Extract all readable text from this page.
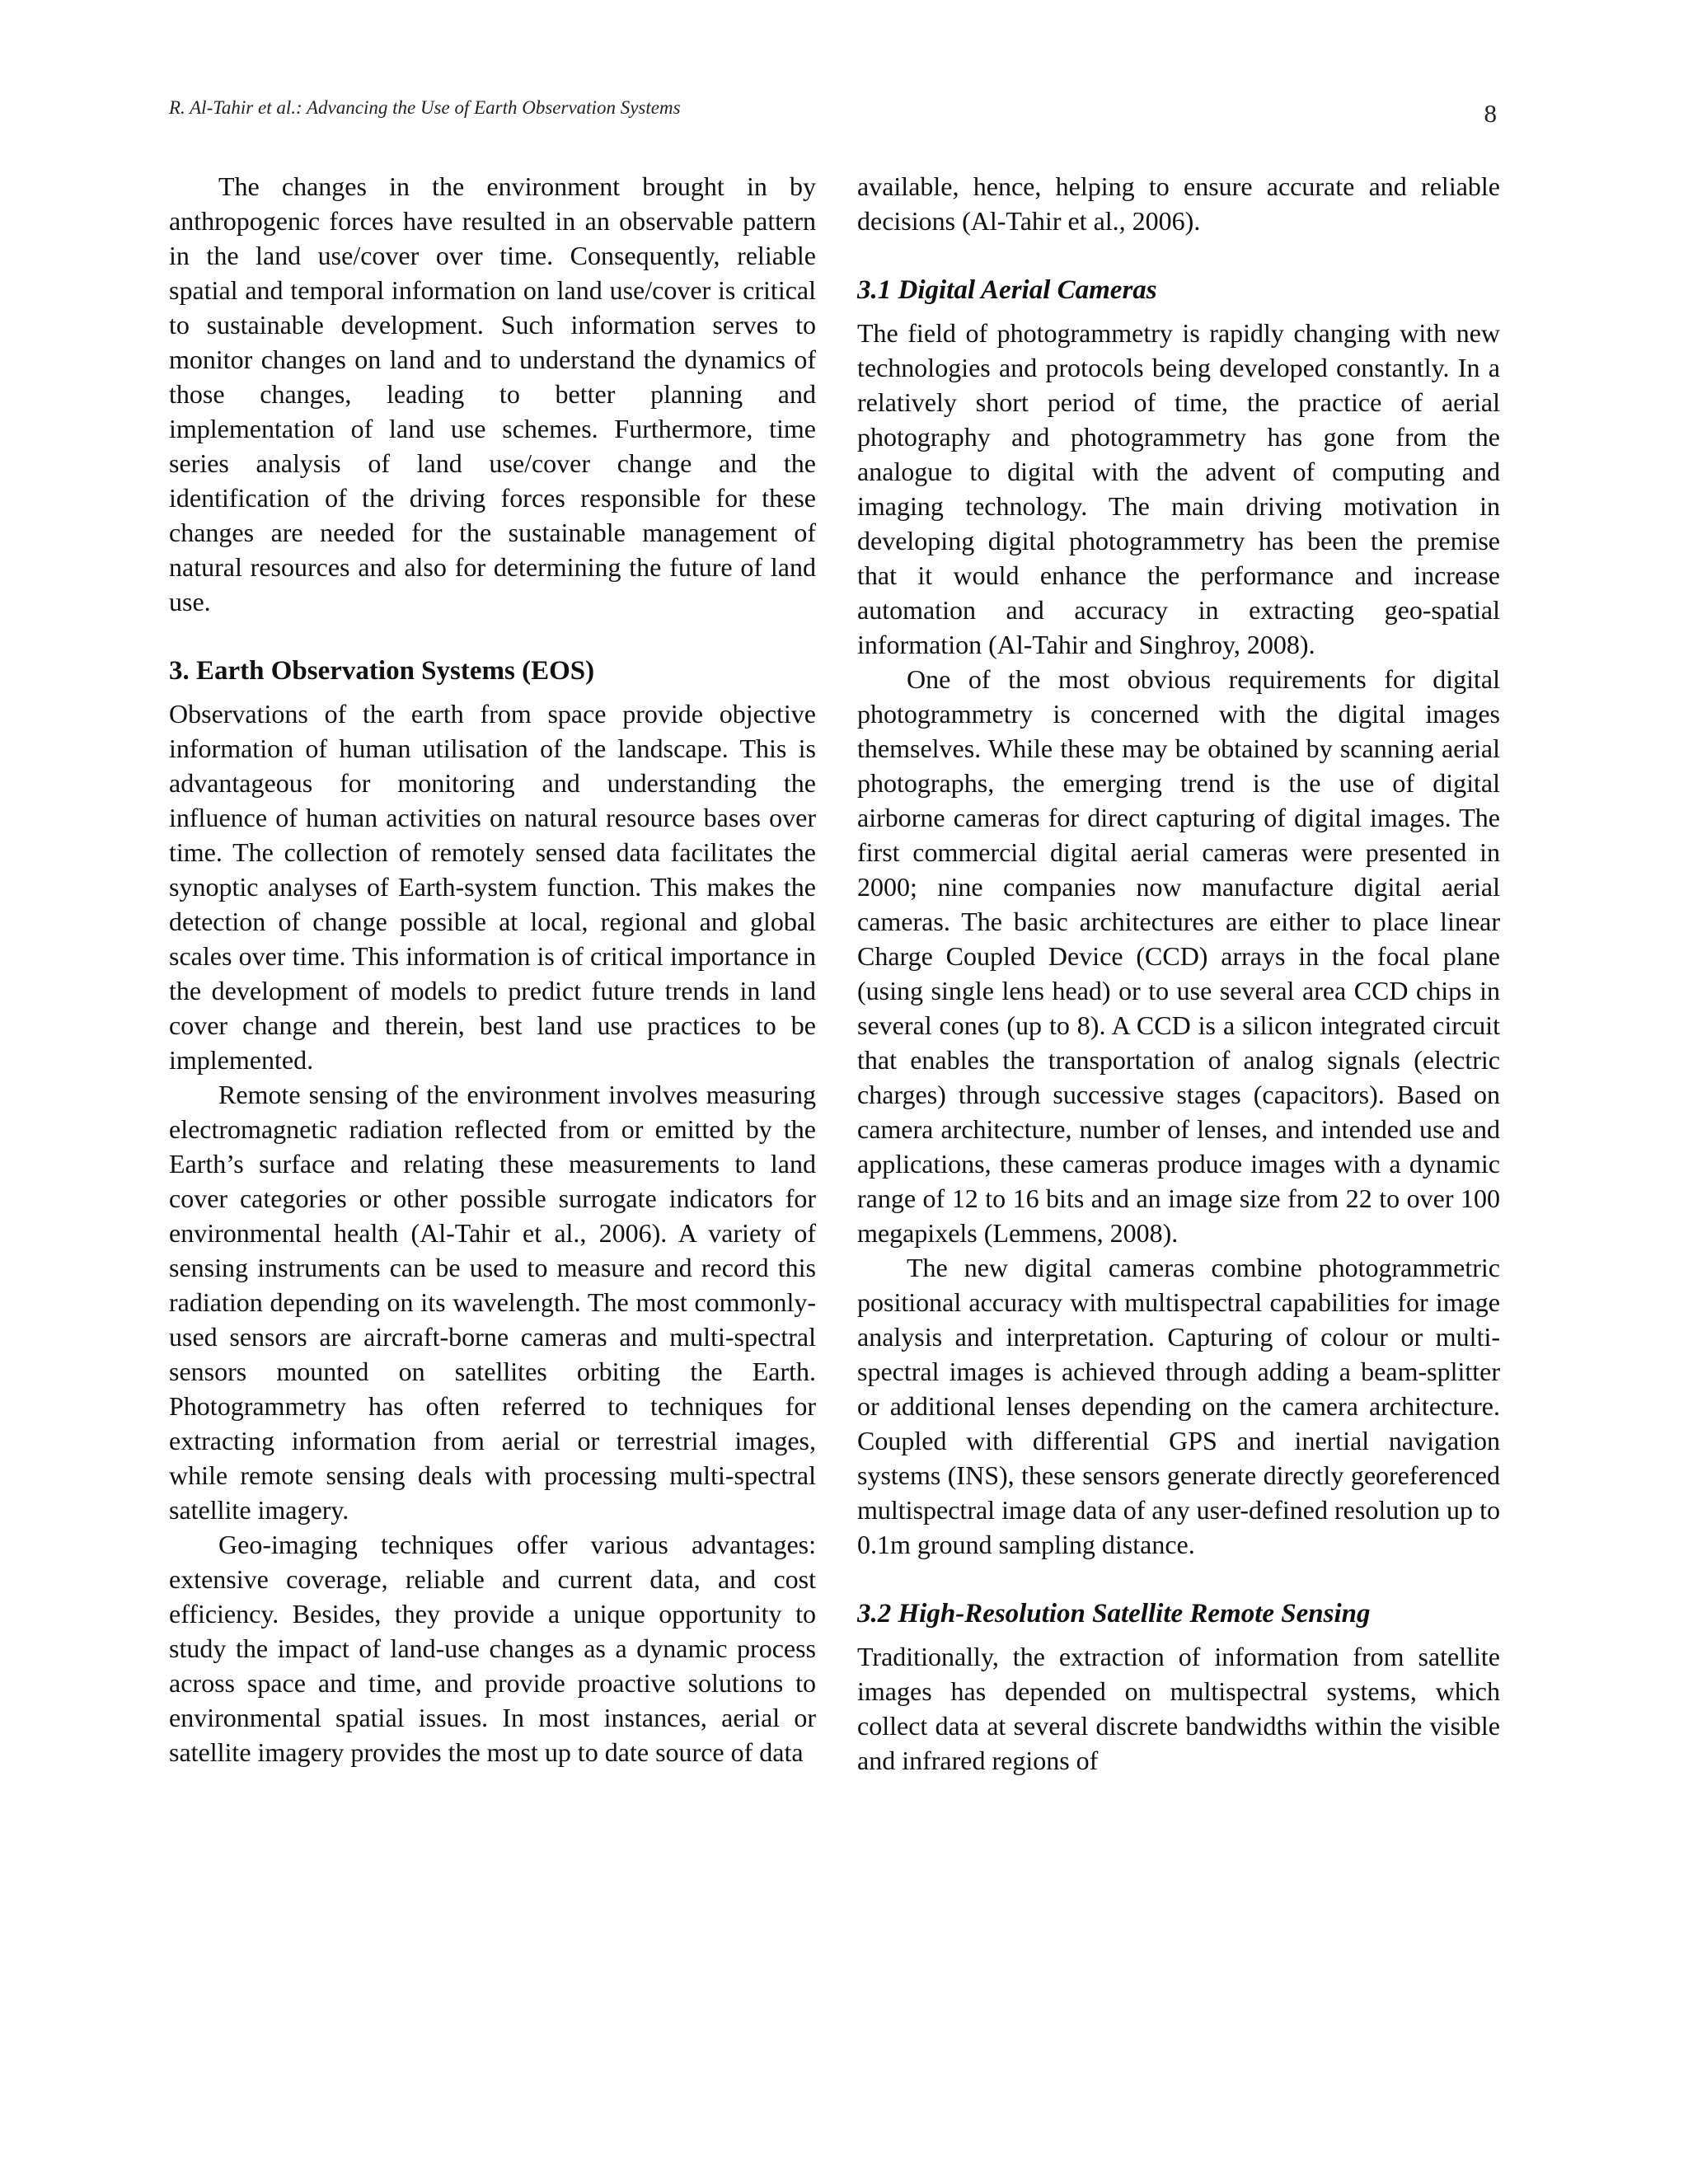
R. Al-Tahir et al.: Advancing the Use of Earth Observation Systems	8

The changes in the environment brought in by anthropogenic forces have resulted in an observable pattern in the land use/cover over time. Consequently, reliable spatial and temporal information on land use/cover is critical to sustainable development. Such information serves to monitor changes on land and to understand the dynamics of those changes, leading to better planning and implementation of land use schemes. Furthermore, time series analysis of land use/cover change and the identification of the driving forces responsible for these changes are needed for the sustainable management of natural resources and also for determining the future of land use.

3. Earth Observation Systems (EOS)

Observations of the earth from space provide objective information of human utilisation of the landscape. This is advantageous for monitoring and understanding the influence of human activities on natural resource bases over time. The collection of remotely sensed data facilitates the synoptic analyses of Earth-system function. This makes the detection of change possible at local, regional and global scales over time. This information is of critical importance in the development of models to predict future trends in land cover change and therein, best land use practices to be implemented.

Remote sensing of the environment involves measuring electromagnetic radiation reflected from or emitted by the Earth’s surface and relating these measurements to land cover categories or other possible surrogate indicators for environmental health (Al-Tahir et al., 2006). A variety of sensing instruments can be used to measure and record this radiation depending on its wavelength. The most commonly-used sensors are aircraft-borne cameras and multi-spectral sensors mounted on satellites orbiting the Earth. Photogrammetry has often referred to techniques for extracting information from aerial or terrestrial images, while remote sensing deals with processing multi-spectral satellite imagery.

Geo-imaging techniques offer various advantages: extensive coverage, reliable and current data, and cost efficiency. Besides, they provide a unique opportunity to study the impact of land-use changes as a dynamic process across space and time, and provide proactive solutions to environmental spatial issues. In most instances, aerial or satellite imagery provides the most up to date source of data

available, hence, helping to ensure accurate and reliable decisions (Al-Tahir et al., 2006).

3.1 Digital Aerial Cameras

The field of photogrammetry is rapidly changing with new technologies and protocols being developed constantly. In a relatively short period of time, the practice of aerial photography and photogrammetry has gone from the analogue to digital with the advent of computing and imaging technology. The main driving motivation in developing digital photogrammetry has been the premise that it would enhance the performance and increase automation and accuracy in extracting geo-spatial information (Al-Tahir and Singhroy, 2008).

One of the most obvious requirements for digital photogrammetry is concerned with the digital images themselves. While these may be obtained by scanning aerial photographs, the emerging trend is the use of digital airborne cameras for direct capturing of digital images. The first commercial digital aerial cameras were presented in 2000; nine companies now manufacture digital aerial cameras. The basic architectures are either to place linear Charge Coupled Device (CCD) arrays in the focal plane (using single lens head) or to use several area CCD chips in several cones (up to 8). A CCD is a silicon integrated circuit that enables the transportation of analog signals (electric charges) through successive stages (capacitors). Based on camera architecture, number of lenses, and intended use and applications, these cameras produce images with a dynamic range of 12 to 16 bits and an image size from 22 to over 100 megapixels (Lemmens, 2008).

The new digital cameras combine photogrammetric positional accuracy with multispectral capabilities for image analysis and interpretation. Capturing of colour or multi-spectral images is achieved through adding a beam-splitter or additional lenses depending on the camera architecture. Coupled with differential GPS and inertial navigation systems (INS), these sensors generate directly georeferenced multispectral image data of any user-defined resolution up to 0.1m ground sampling distance.

3.2 High-Resolution Satellite Remote Sensing

Traditionally, the extraction of information from satellite images has depended on multispectral systems, which collect data at several discrete bandwidths within the visible and infrared regions of
